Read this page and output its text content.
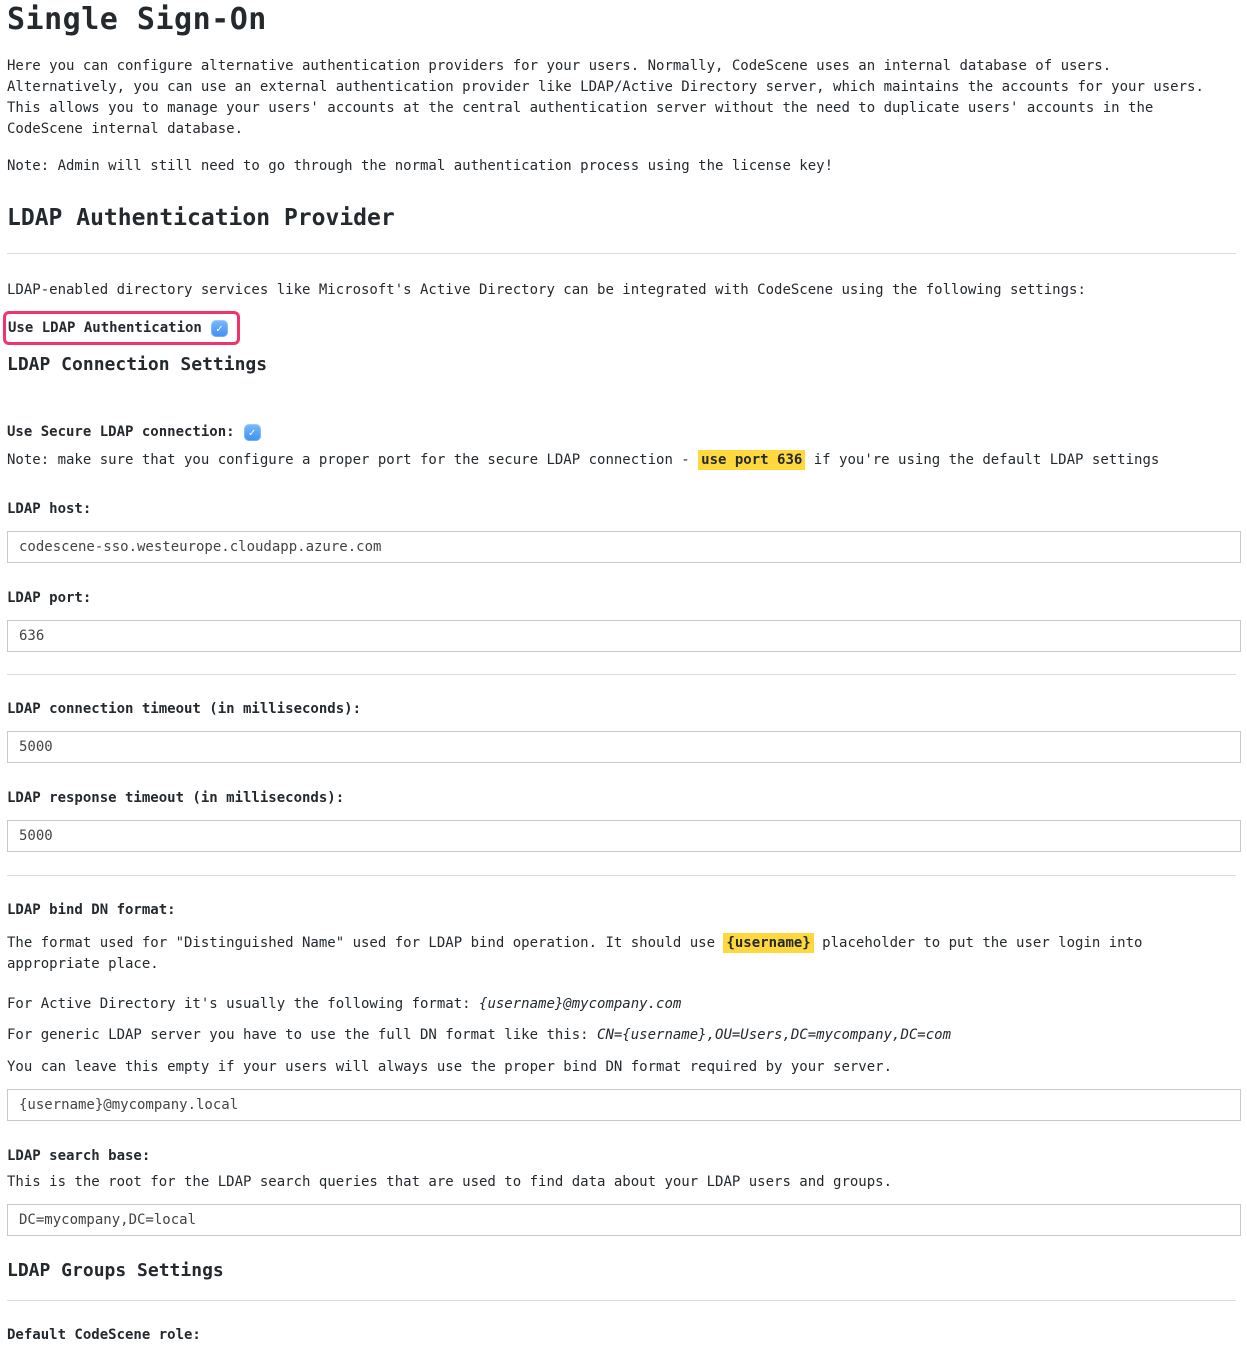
Single Sign-On

Here you can configure alternative authentication providers for your users. Normally, CodeScene uses an internal database of users. Alternatively, you can use an external authentication provider like LDAP/Active Directory server, which maintains the accounts for your users. This allows you to manage your users' accounts at the central authentication server without the need to duplicate users' accounts in the CodeScene internal database.

Note: Admin will still need to go through the normal authentication process using the license key!

LDAP Authentication Provider

LDAP-enabled directory services like Microsoft's Active Directory can be integrated with CodeScene using the following settings:

Use LDAP Authentication ✓
LDAP Connection Settings
Use Secure LDAP connection: ✓

Note: make sure that you configure a proper port for the secure LDAP connection - use port 636 if you're using the default LDAP settings

LDAP host:
codescene-sso.westeurope.cloudapp.azure.com
LDAP port:
636
LDAP connection timeout (in milliseconds):
5000
LDAP response timeout (in milliseconds):
5000
LDAP bind DN format:

The format used for "Distinguished Name" used for LDAP bind operation. It should use {username} placeholder to put the user login into appropriate place.

For Active Directory it's usually the following format: {username}@mycompany.com

For generic LDAP server you have to use the full DN format like this: CN={username},OU=Users,DC=mycompany,DC=com

You can leave this empty if your users will always use the proper bind DN format required by your server.

{username}@mycompany.local
LDAP search base:

This is the root for the LDAP search queries that are used to find data about your LDAP users and groups.

DC=mycompany,DC=local
LDAP Groups Settings
Default CodeScene role:
